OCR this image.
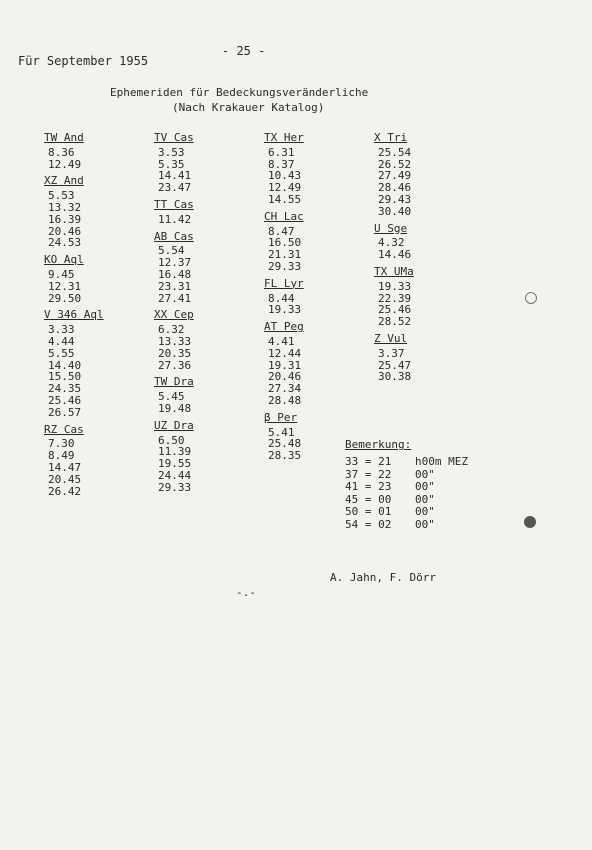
Für September 1955
- 25 -
Ephemeriden für Bedeckungsveränderliche
(Nach Krakauer Katalog)
TW And
8.36
12.49
XZ And
5.53
13.32
16.39
20.46
24.53
KO Aql
9.45
12.31
29.50
V 346 Aql
3.33
4.44
5.55
14.40
15.50
24.35
25.46
26.57
RZ Cas
7.30
8.49
14.47
20.45
26.42
TV Cas
3.53
5.35
14.41
23.47
TT Cas
11.42
AB Cas
5.54
12.37
16.48
23.31
27.41
XX Cep
6.32
13.33
20.35
27.36
TW Dra
5.45
19.48
UZ Dra
6.50
11.39
19.55
24.44
29.33
TX Her
6.31
8.37
10.43
12.49
14.55
CH Lac
8.47
16.50
21.31
29.33
FL Lyr
8.44
19.33
AT Peg
4.41
12.44
19.31
20.46
27.34
28.48
β Per
5.41
25.48
28.35
X Tri
25.54
26.52
27.49
28.46
29.43
30.40
U Sge
4.32
14.46
TX UMa
19.33
22.39
25.46
28.52
Z Vul
3.37
25.47
30.38
Bemerkung:
33 = 21	h00m MEZ
37 = 22	00 "
41 = 23	00 "
45 = 00	00 "
50 = 01	00 "
54 = 02	00 "
A. Jahn, F. Dörr
-.-
